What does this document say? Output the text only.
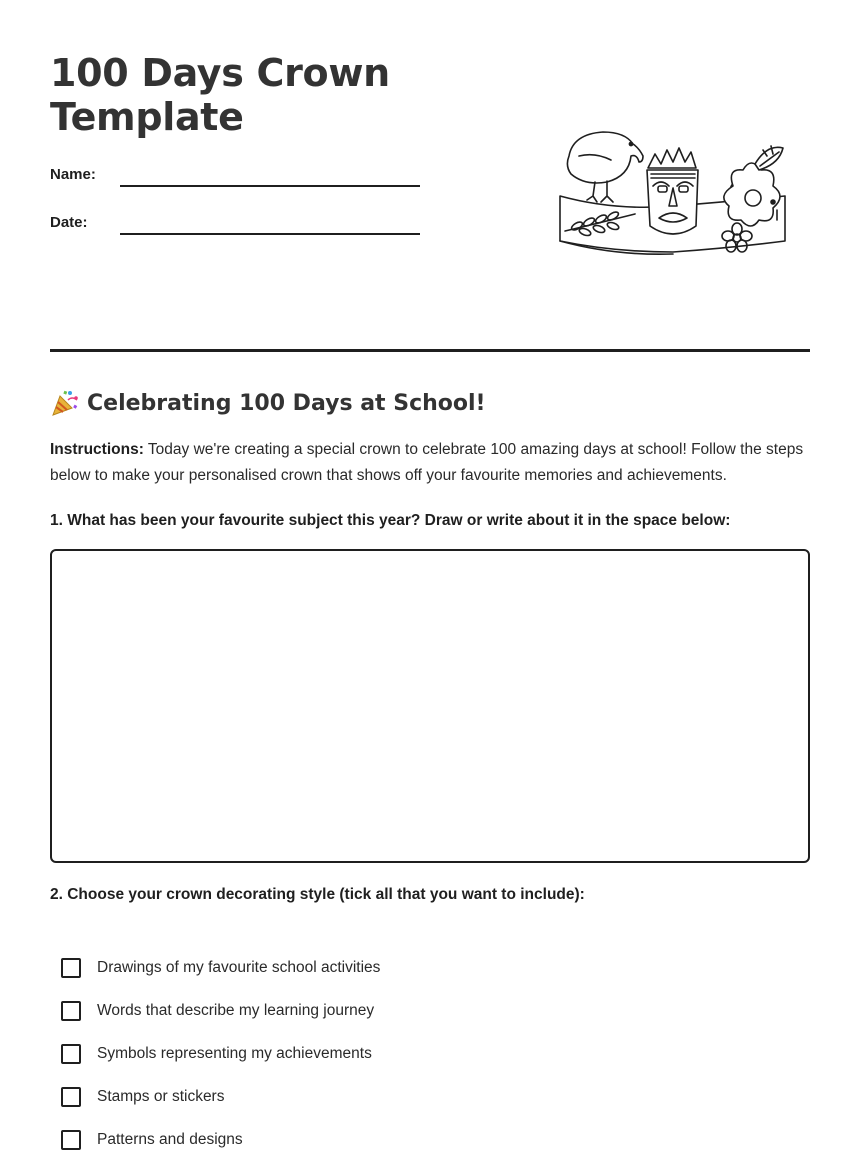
100 Days Crown Template
Name:
Date:
Celebrating 100 Days at School!

Instructions: Today we're creating a special crown to celebrate 100 amazing days at school! Follow the steps below to make your personalised crown that shows off your favourite memories and achievements.

1. What has been your favourite subject this year? Draw or write about it in the space below:

2. Choose your crown decorating style (tick all that you want to include):

Drawings of my favourite school activities
Words that describe my learning journey
Symbols representing my achievements
Stamps or stickers
Patterns and designs
